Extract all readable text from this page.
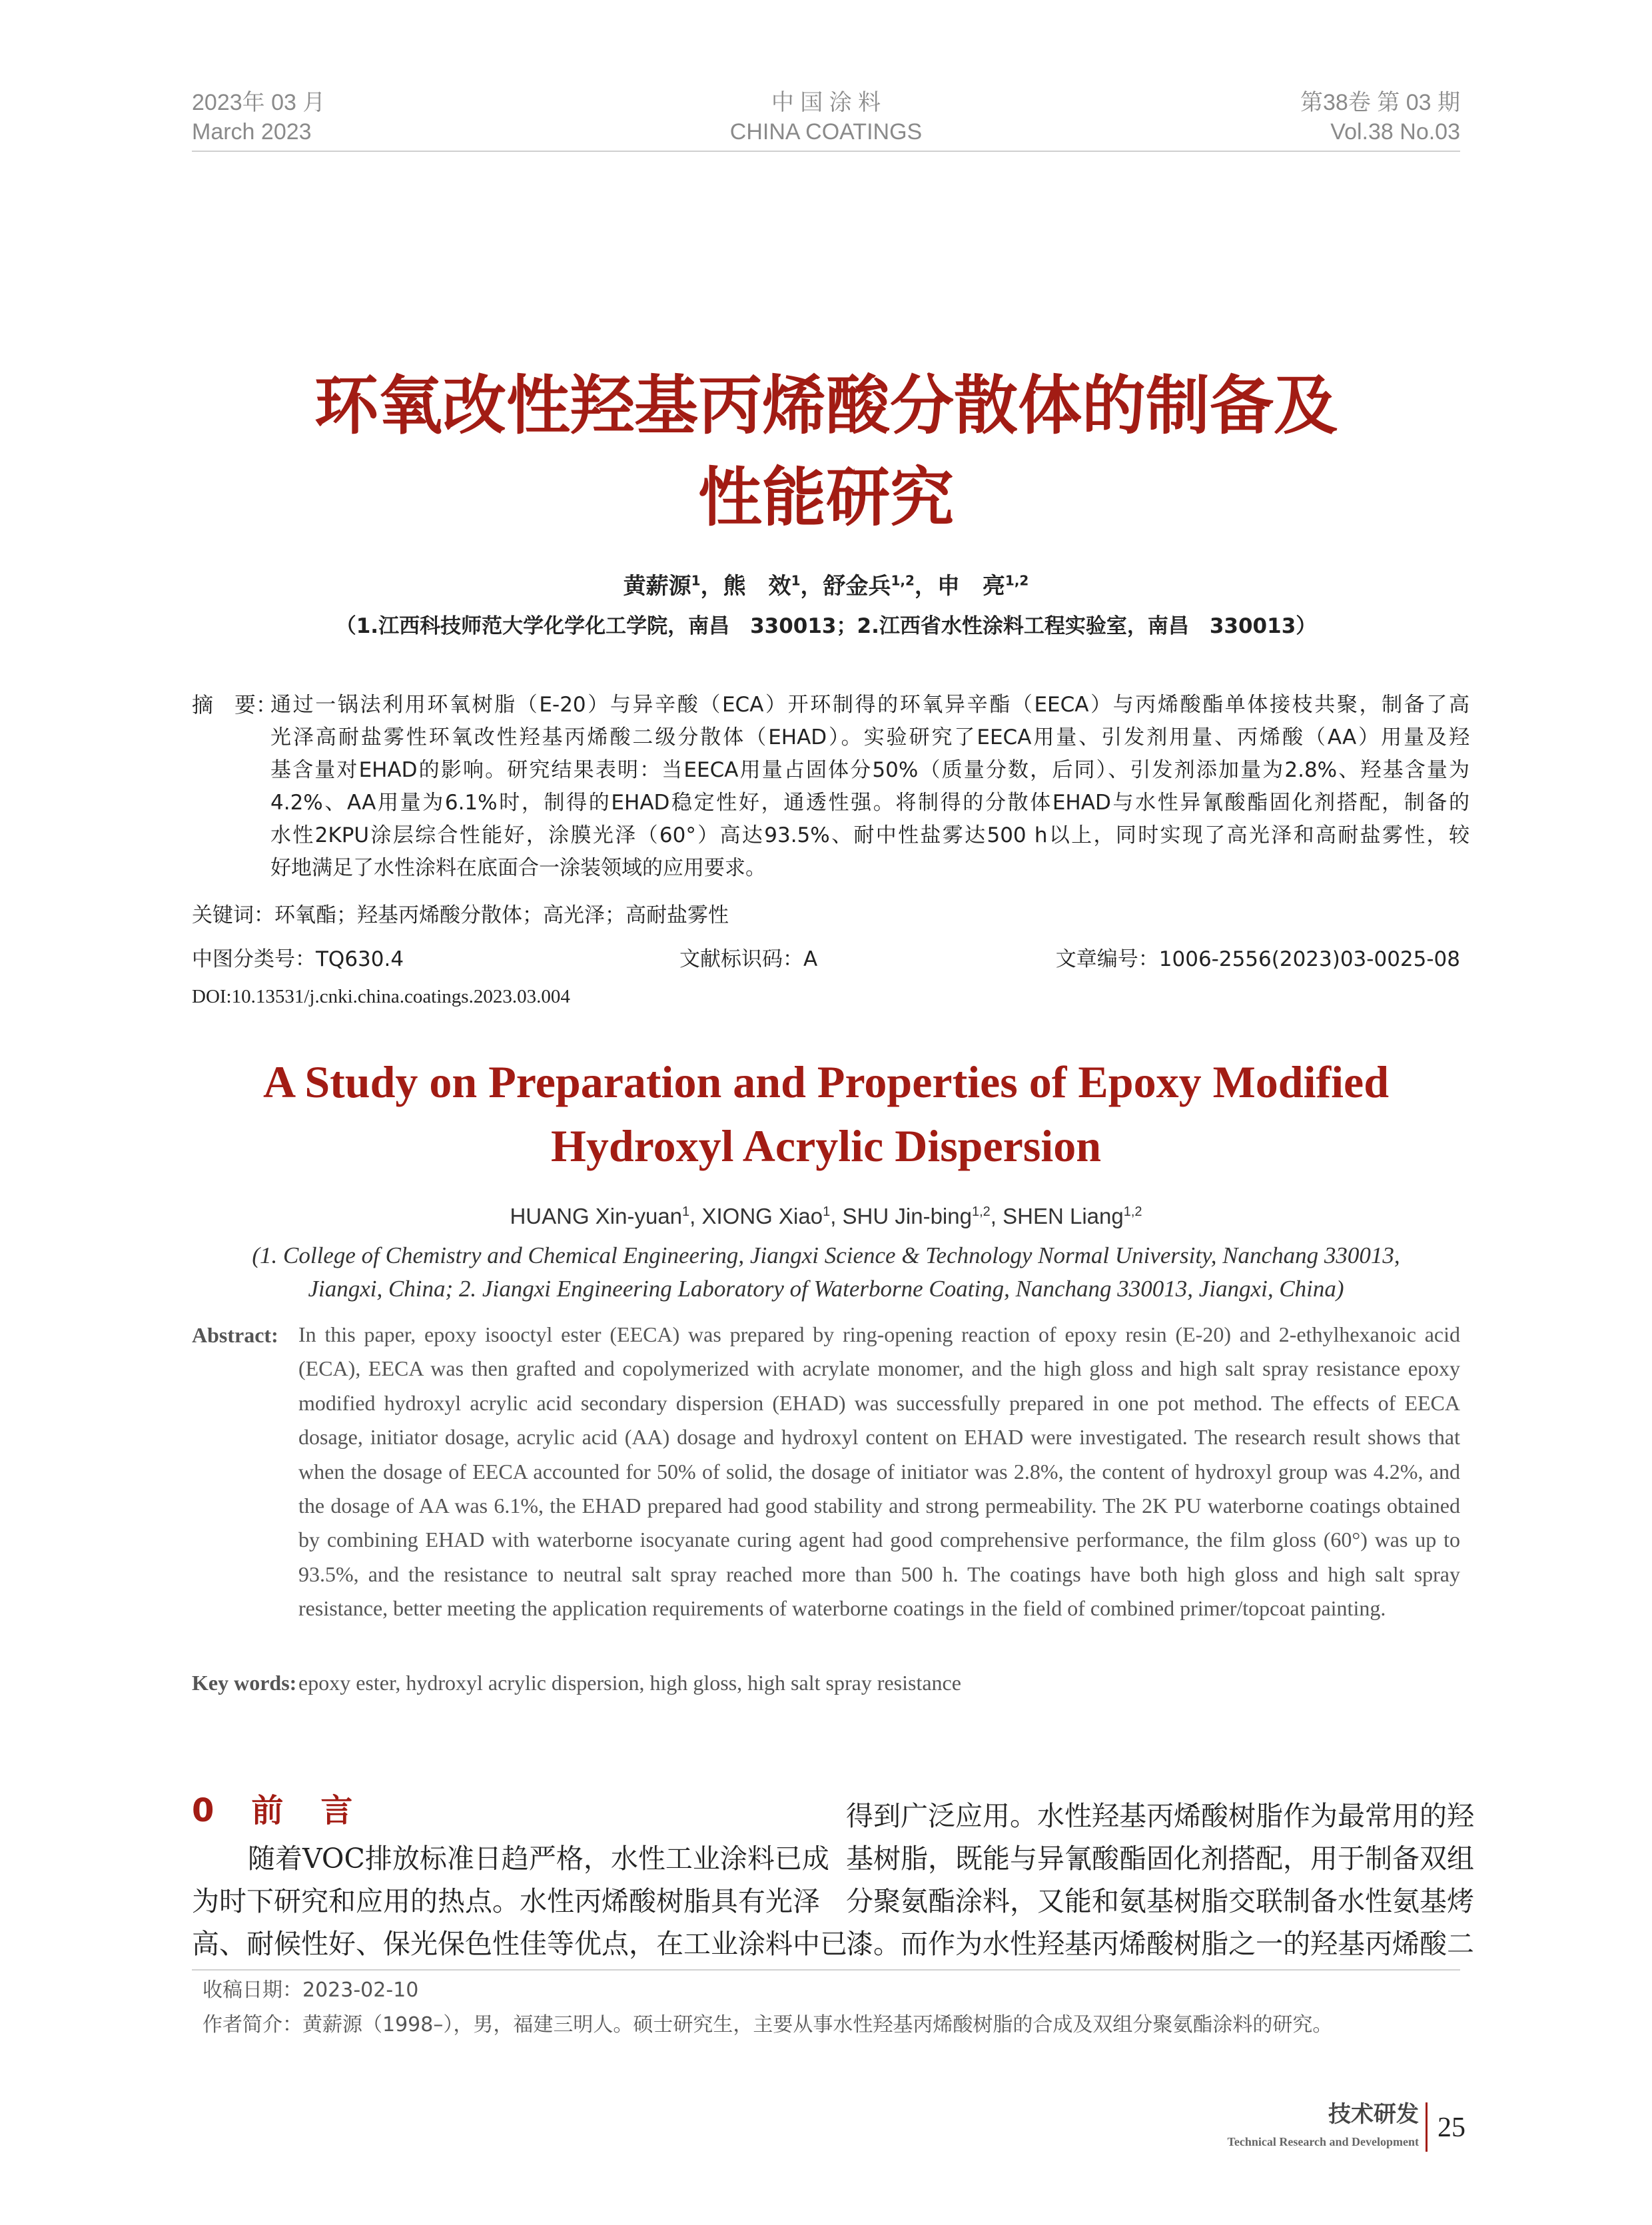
2023年 03 月
March 2023
中 国 涂 料
CHINA COATINGS
第38卷 第 03 期
Vol.38 No.03
环氧改性羟基丙烯酸分散体的制备及
性能研究
黄薪源$^1$，熊　效$^1$，舒金兵$^{1,2}$，申　亮$^{1,2}$
（1.江西科技师范大学化学化工学院，南昌　330013；2.江西省水性涂料工程实验室，南昌　330013）
摘　要：
通过一锅法利用环氧树脂（E-20）与异辛酸（ECA）开环制得的环氧异辛酯（EECA）与丙烯酸酯单体接枝共聚，制备了高
光泽高耐盐雾性环氧改性羟基丙烯酸二级分散体（EHAD）。实验研究了EECA用量、引发剂用量、丙烯酸（AA）用量及羟
基含量对EHAD的影响。研究结果表明：当EECA用量占固体分50%（质量分数，后同）、引发剂添加量为2.8%、羟基含量为
4.2%、AA用量为6.1%时，制得的EHAD稳定性好，通透性强。将制得的分散体EHAD与水性异氰酸酯固化剂搭配，制备的
水性2KPU涂层综合性能好，涂膜光泽（60°）高达93.5%、耐中性盐雾达500 h以上，同时实现了高光泽和高耐盐雾性，较
好地满足了水性涂料在底面合一涂装领域的应用要求。
关键词：环氧酯；羟基丙烯酸分散体；高光泽；高耐盐雾性
中图分类号：TQ630.4	文献标识码：A	文章编号：1006-2556(2023)03-0025-08
DOI:10.13531/j.cnki.china.coatings.2023.03.004
A Study on Preparation and Properties of Epoxy Modified
Hydroxyl Acrylic Dispersion
HUANG Xin-yuan$^1$, XIONG Xiao$^1$, SHU Jin-bing$^{1,2}$, SHEN Liang$^{1,2}$
(1. College of Chemistry and Chemical Engineering, Jiangxi Science & Technology Normal University, Nanchang 330013,
Jiangxi, China; 2. Jiangxi Engineering Laboratory of Waterborne Coating, Nanchang 330013, Jiangxi, China)
Abstract: In this paper, epoxy isooctyl ester (EECA) was prepared by ring-opening reaction of epoxy resin (E-20) and 2-ethylhexanoic acid (ECA), EECA was then grafted and copolymerized with acrylate monomer, and the high gloss and high salt spray resistance epoxy modified hydroxyl acrylic acid secondary dispersion (EHAD) was successfully prepared in one pot method. The effects of EECA dosage, initiator dosage, acrylic acid (AA) dosage and hydroxyl content on EHAD were investigated. The research result shows that when the dosage of EECA accounted for 50% of solid, the dosage of initiator was 2.8%, the content of hydroxyl group was 4.2%, and the dosage of AA was 6.1%, the EHAD prepared had good stability and strong permeability. The 2K PU waterborne coatings obtained by combining EHAD with waterborne isocyanate curing agent had good comprehensive performance, the film gloss (60°) was up to 93.5%, and the resistance to neutral salt spray reached more than 500 h. The coatings have both high gloss and high salt spray resistance, better meeting the application requirements of waterborne coatings in the field of combined primer/topcoat painting.
Key words: epoxy ester, hydroxyl acrylic dispersion, high gloss, high salt spray resistance
0　前　言
随着VOC排放标准日趋严格，水性工业涂料已成
为时下研究和应用的热点。水性丙烯酸树脂具有光泽
高、耐候性好、保光保色性佳等优点，在工业涂料中已
得到广泛应用。水性羟基丙烯酸树脂作为最常用的羟
基树脂，既能与异氰酸酯固化剂搭配，用于制备双组
分聚氨酯涂料，又能和氨基树脂交联制备水性氨基烤
漆。而作为水性羟基丙烯酸树脂之一的羟基丙烯酸二
收稿日期：2023-02-10
作者简介：黄薪源（1998–），男，福建三明人。硕士研究生，主要从事水性羟基丙烯酸树脂的合成及双组分聚氨酯涂料的研究。
技术研发
Technical Research and Development 25
